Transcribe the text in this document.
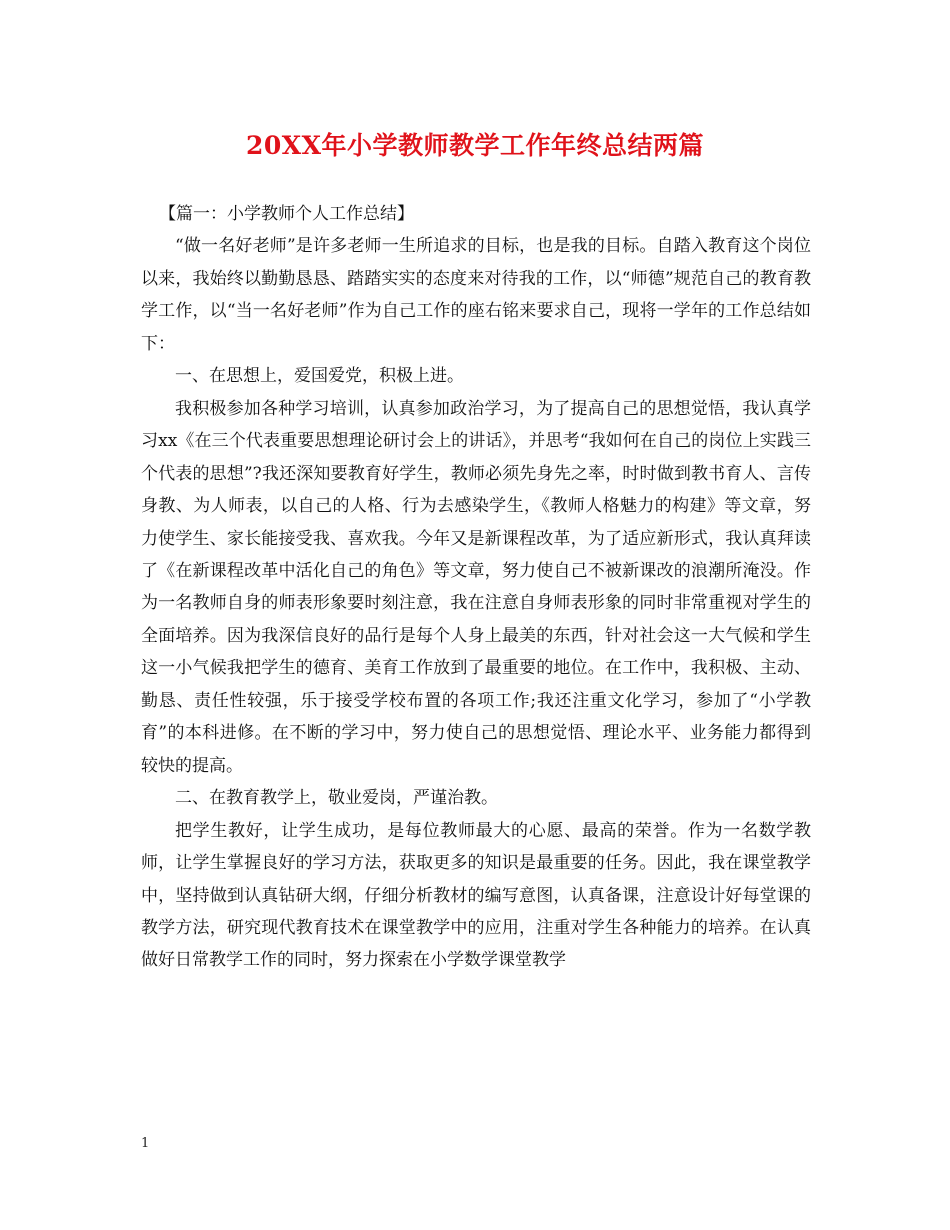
20XX年小学教师教学工作年终总结两篇

【篇一：小学教师个人工作总结】

“做一名好老师”是许多老师一生所追求的目标，也是我的目标。自踏入教育这个岗位以来，我始终以勤勤恳恳、踏踏实实的态度来对待我的工作，以“师德”规范自己的教育教学工作，以“当一名好老师”作为自己工作的座右铭来要求自己，现将一学年的工作总结如下：

一、在思想上，爱国爱党，积极上进。

我积极参加各种学习培训，认真参加政治学习，为了提高自己的思想觉悟，我认真学习xx《在三个代表重要思想理论研讨会上的讲话》，并思考“我如何在自己的岗位上实践三个代表的思想”?我还深知要教育好学生，教师必须先身先之率，时时做到教书育人、言传身教、为人师表，以自己的人格、行为去感染学生，《教师人格魅力的构建》等文章，努力使学生、家长能接受我、喜欢我。今年又是新课程改革，为了适应新形式，我认真拜读了《在新课程改革中活化自己的角色》等文章，努力使自己不被新课改的浪潮所淹没。作为一名教师自身的师表形象要时刻注意，我在注意自身师表形象的同时非常重视对学生的全面培养。因为我深信良好的品行是每个人身上最美的东西，针对社会这一大气候和学生这一小气候我把学生的德育、美育工作放到了最重要的地位。在工作中，我积极、主动、勤恳、责任性较强，乐于接受学校布置的各项工作;我还注重文化学习，参加了“小学教育”的本科进修。在不断的学习中，努力使自己的思想觉悟、理论水平、业务能力都得到较快的提高。

二、在教育教学上，敬业爱岗，严谨治教。

把学生教好，让学生成功，是每位教师最大的心愿、最高的荣誉。作为一名数学教师，让学生掌握良好的学习方法，获取更多的知识是最重要的任务。因此，我在课堂教学中，坚持做到认真钻研大纲，仔细分析教材的编写意图，认真备课，注意设计好每堂课的教学方法，研究现代教育技术在课堂教学中的应用，注重对学生各种能力的培养。在认真做好日常教学工作的同时，努力探索在小学数学课堂教学

1
